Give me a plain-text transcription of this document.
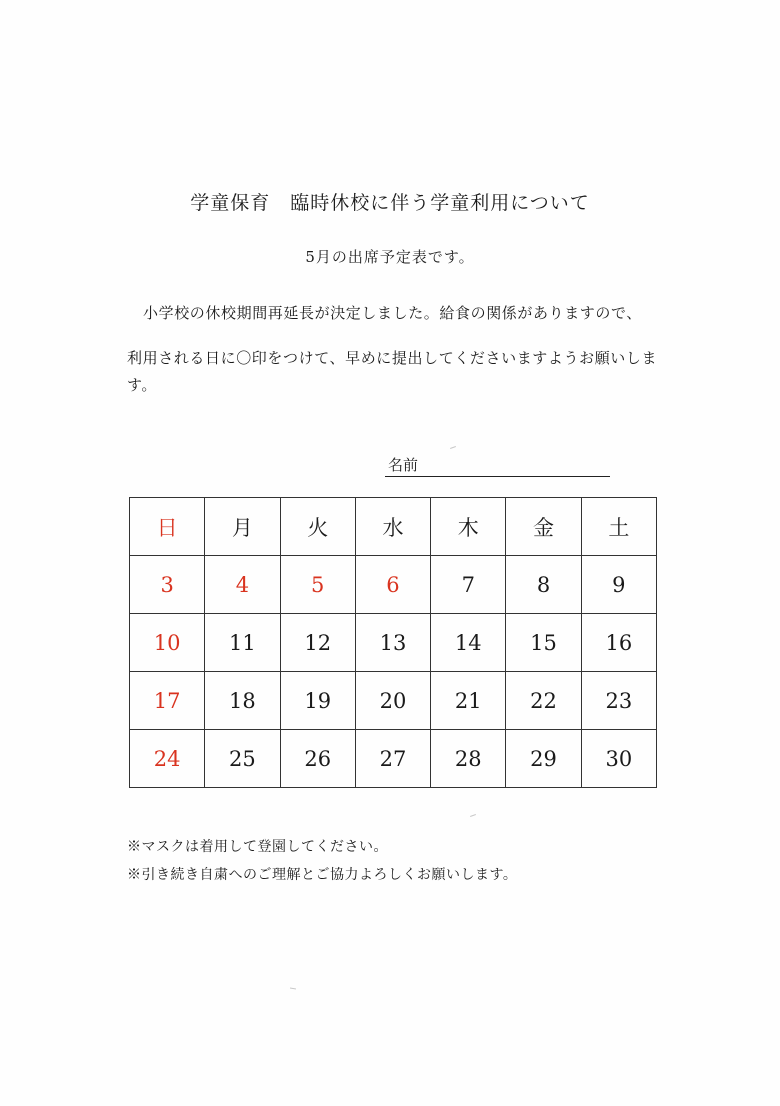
学童保育　臨時休校に伴う学童利用について
5月の出席予定表です。
小学校の休校期間再延長が決定しました。給食の関係がありますので、
利用される日に〇印をつけて、早めに提出してくださいますようお願いします。
名前
日	月	火	水	木	金	土
3	4	5	6	7	8	9
10	11	12	13	14	15	16
17	18	19	20	21	22	23
24	25	26	27	28	29	30
※マスクは着用して登園してください。
※引き続き自粛へのご理解とご協力よろしくお願いします。
